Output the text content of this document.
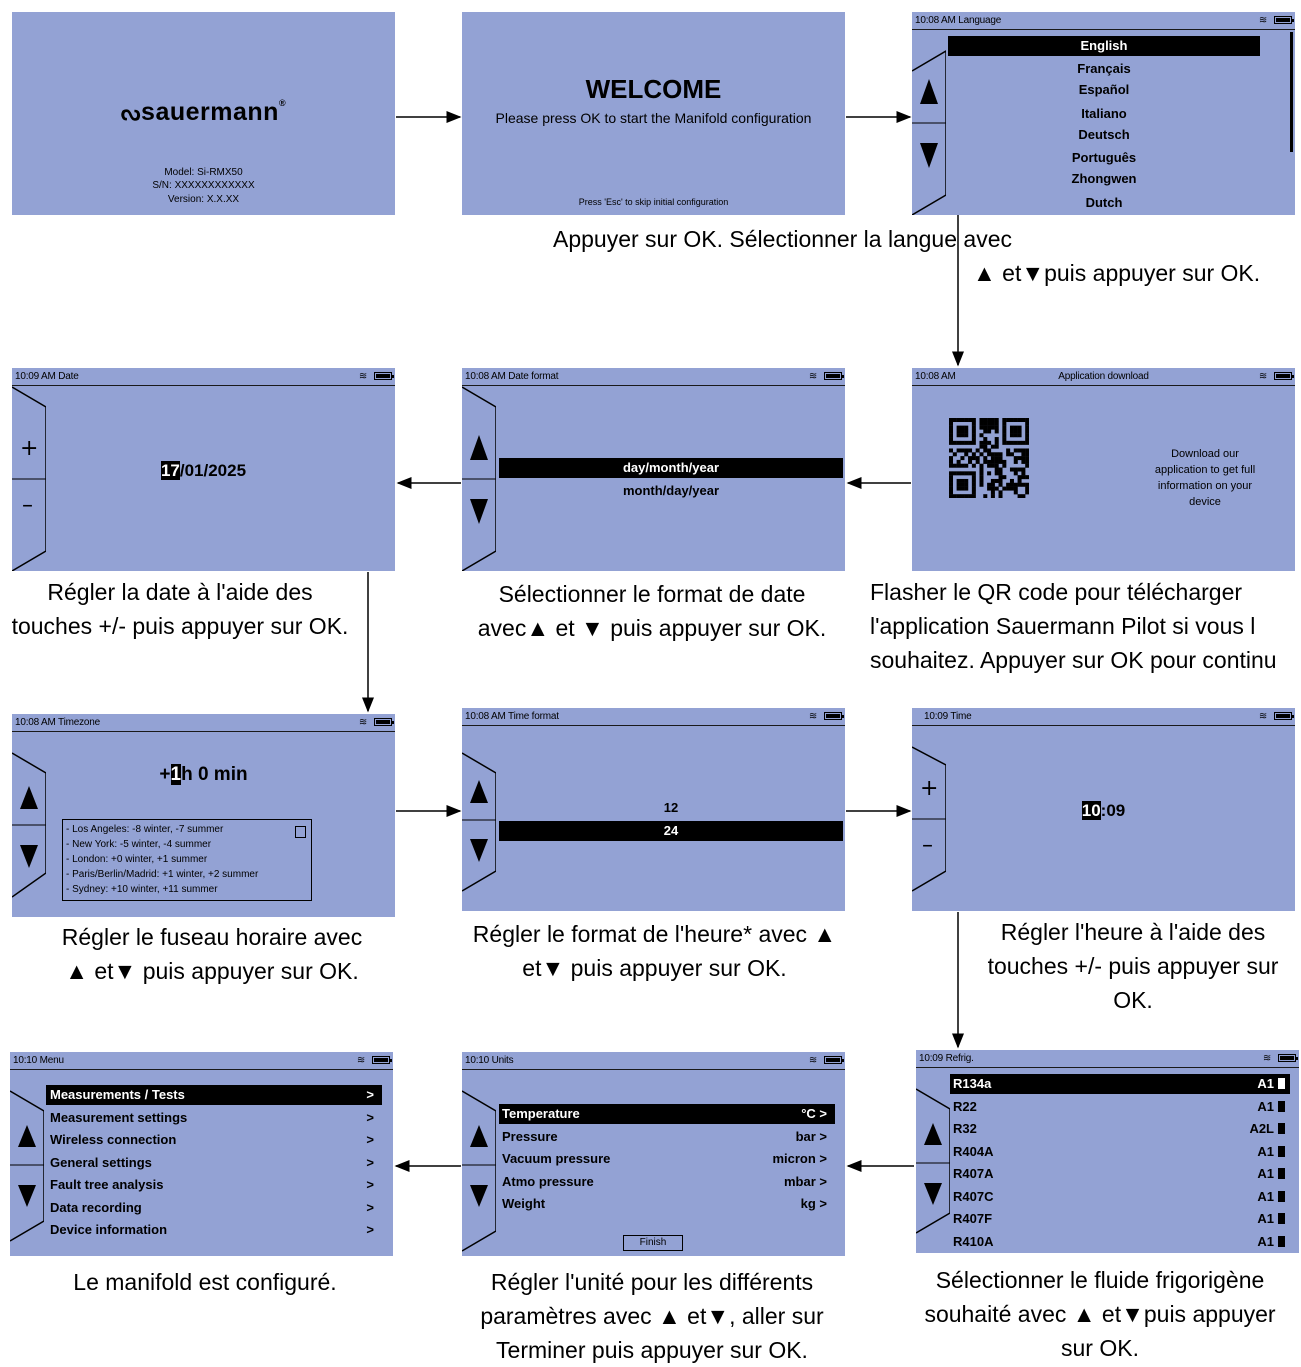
ᔓsauermann®
Model: Si-RMX50
S/N: XXXXXXXXXXXX
Version: X.X.XX
WELCOME
Please press OK to start the Manifold configuration
Press 'Esc' to skip initial configuration
10:08 AM Language	≋
English
Français
Español
Italiano
Deutsch
Português
Zhongwen
Dutch
10:09 AM Date	≋
+
–
17/01/2025
10:08 AM Date format	≋
day/month/year
month/day/year
10:08 AM	Application download	≋
Download our
application to get full
information on your
device
10:08 AM Timezone	≋
+1h 0 min
- Los Angeles: -8 winter, -7 summer
- New York: -5 winter, -4 summer
- London: +0 winter, +1 summer
- Paris/Berlin/Madrid: +1 winter, +2 summer
- Sydney: +10 winter, +11 summer
10:08 AM Time format	≋
12
24
10:09 Time	≋
+
–
10:09
10:10 Menu	≋
Measurements / Tests	>
Measurement settings	>
Wireless connection	>
General settings	>
Fault tree analysis	>
Data recording	>
Device information	>
10:10 Units	≋
Temperature	°C >
Pressure	bar >
Vacuum pressure	micron >
Atmo pressure	mbar >
Weight	kg >
Finish
10:09 Refrig.	≋
R134a	A1
R22	A1
R32	A2L
R404A	A1
R407A	A1
R407C	A1
R407F	A1
R410A	A1
Appuyer sur OK. Sélectionner la langue avec
▲ et▼puis appuyer sur OK.
Régler la date à l'aide des
touches +/- puis appuyer sur OK.
Sélectionner le format de date
avec▲ et ▼ puis appuyer sur OK.
Flasher le QR code pour télécharger
l'application Sauermann Pilot si vous l
souhaitez. Appuyer sur OK pour continu
Régler le fuseau horaire avec
▲ et▼ puis appuyer sur OK.
Régler le format de l'heure* avec ▲
et▼ puis appuyer sur OK.
Régler l'heure à l'aide des
touches +/- puis appuyer sur
OK.
Le manifold est configuré.	Régler l'unité pour les différents
paramètres avec ▲ et▼, aller sur
Terminer puis appuyer sur OK.
Sélectionner le fluide frigorigène
souhaité avec ▲ et▼puis appuyer
sur OK.
